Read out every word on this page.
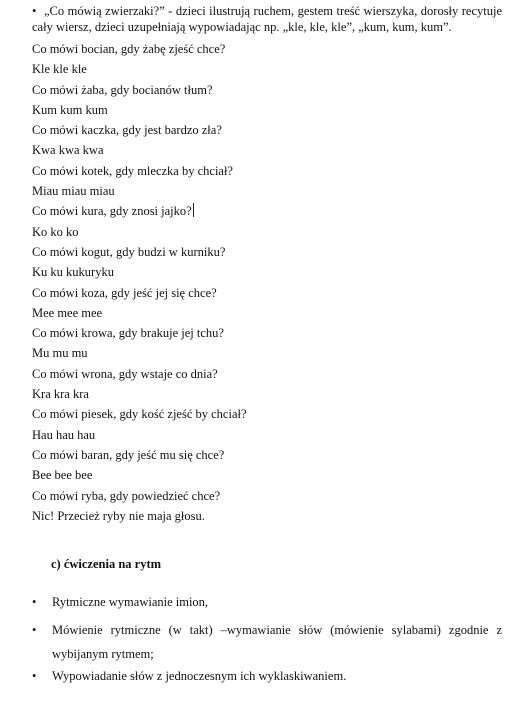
• „Co mówią zwierzaki?” - dzieci ilustrują ruchem, gestem treść wierszyka, dorosły recytuje cały wiersz, dzieci uzupełniają wypowiadając np. „kle, kle, kle”, „kum, kum, kum”.
Co mówi bocian, gdy żabę zjeść chce?
Kle kle kle
Co mówi żaba, gdy bocianów tłum?
Kum kum kum
Co mówi kaczka, gdy jest bardzo zła?
Kwa kwa kwa
Co mówi kotek, gdy mleczka by chciał?
Miau miau miau
Co mówi kura, gdy znosi jajko?
Ko ko ko
Co mówi kogut, gdy budzi w kurniku?
Ku ku kukuryku
Co mówi koza, gdy jeść jej się chce?
Mee mee mee
Co mówi krowa, gdy brakuje jej tchu?
Mu mu mu
Co mówi wrona, gdy wstaje co dnia?
Kra kra kra
Co mówi piesek, gdy kość zjeść by chciał?
Hau hau hau
Co mówi baran, gdy jeść mu się chce?
Bee bee bee
Co mówi ryba, gdy powiedzieć chce?
Nic! Przecież ryby nie maja głosu.
c) ćwiczenia na rytm
•	Rytmiczne wymawianie imion,
•	Mówienie rytmiczne (w takt) –wymawianie słów (mówienie sylabami) zgodnie z wybijanym rytmem;
•	Wypowiadanie słów z jednoczesnym ich wyklaskiwaniem.
